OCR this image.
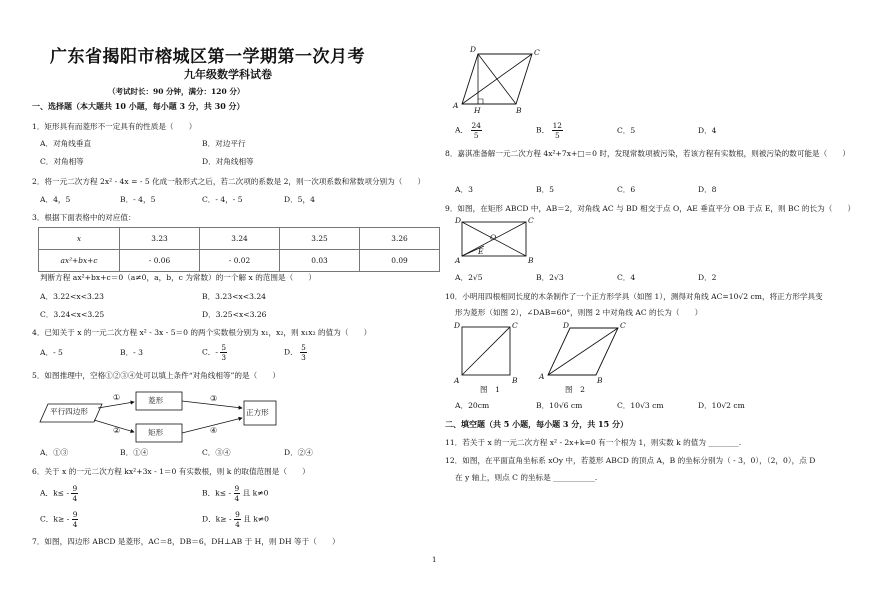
广东省揭阳市榕城区第一学期第一次月考
九年级数学科试卷
（考试时长：90 分钟，满分：120 分）
一、选择题（本大题共 10 小题，每小题 3 分，共 30 分）
1．矩形具有而菱形不一定具有的性质是（　　）
A．对角线垂直	B．对边平行
C．对角相等	D．对角线相等
2．将一元二次方程 2x² - 4x = - 5 化成一般形式之后，若二次项的系数是 2，则一次项系数和常数项分别为（　　）
A．4，5	B．- 4，5	C．- 4，- 5	D．5，4
3．根据下面表格中的对应值：
x	3.23	3.24	3.25	3.26
ax²+bx+c	- 0.06	- 0.02	0.03	0.09
判断方程 ax²+bx+c＝0（a≠0，a，b，c 为常数）的一个解 x 的范围是（　　）
A．3.22<x<3.23	B．3.23<x<3.24
C．3.24<x<3.25	D．3.25<x<3.26
4．已知关于 x 的一元二次方程 x² - 3x - 5＝0 的两个实数根分别为 x₁，x₂，则 x₁x₂ 的值为（　　）
A．- 5	B．- 3	C．- $\frac{5}{3}$	D． $\frac{5}{3}$
5．如图推理中，空格①②③④处可以填上条件“对角线相等”的是（　　）
平行四边形
菱形
矩形
正方形
①
②
③
④
A．①③	B．①④	C．③④	D．②④
6．关于 x 的一元二次方程 kx²+3x - 1＝0 有实数根，则 k 的取值范围是（　　）
A．$k\le - \frac{9}{4}$	B．$k\le - \frac{9}{4}$ 且 k≠0
C．$k\ge - \frac{9}{4}$	D．$k\ge - \frac{9}{4}$ 且 k≠0
7．如图，四边形 ABCD 是菱形，AC＝8，DB＝6，DH⊥AB 于 H，则 DH 等于（　　）
1
D	C
A
H	B
A． $\frac{24}{5}$	B． $\frac{12}{5}$	C．5	D．4
8．嘉淇准备解一元二次方程 4x²+7x+□＝0 时，发现常数项被污染，若该方程有实数根，则被污染的数可能是（　　）
A．3	B．5	C．6	D．8
9．如图，在矩形 ABCD 中，AB＝2，对角线 AC 与 BD 相交于点 O，AE 垂直平分 OB 于点 E，则 BC 的长为（　　）
D	C
A	B
O
E
A．2√5	B．2√3	C．4	D．2
10．小明用四根相同长度的木条制作了一个正方形学具（如图 1），测得对角线 AC=10√2 cm，将正方形学具变
形为菱形（如图 2），∠DAB=60°，则图 2 中对角线 AC 的长为（　　）
D	C
A	B
D	C
A	B
图　1	图　2
A．20cm	B．10√6 cm	C．10√3 cm	D．10√2 cm
二、填空题（共 5 小题，每小题 3 分，共 15 分）
11．若关于 x 的一元二次方程 x² - 2x+k=0 有一个根为 1，则实数 k 的值为 ________.
12．如图，在平面直角坐标系 xOy 中，若菱形 ABCD 的顶点 A，B 的坐标分别为（ - 3，0），（2，0），点 D
在 y 轴上，则点 C 的坐标是 ___________.
